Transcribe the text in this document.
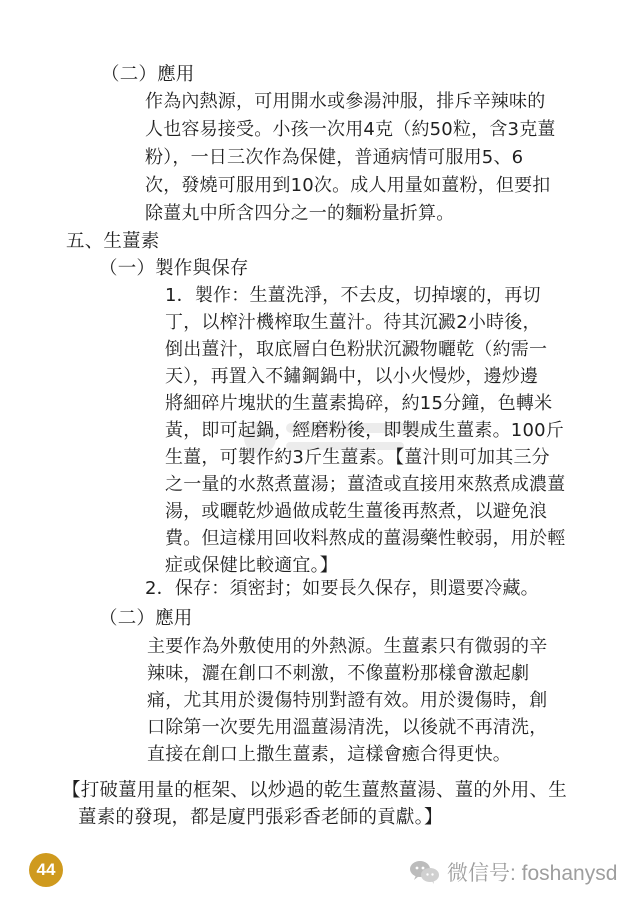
（二）應用
作為內熱源，可用開水或參湯沖服，排斥辛辣味的
人也容易接受。小孩一次用4克（約50粒，含3克薑
粉），一日三次作為保健，普通病情可服用5、6
次，發燒可服用到10次。成人用量如薑粉，但要扣
除薑丸中所含四分之一的麵粉量折算。
五、生薑素
（一）製作與保存
1．製作：生薑洗淨，不去皮，切掉壞的，再切
丁，以榨汁機榨取生薑汁。待其沉澱2小時後，
倒出薑汁，取底層白色粉狀沉澱物曬乾（約需一
天），再置入不鏽鋼鍋中，以小火慢炒，邊炒邊
將細碎片塊狀的生薑素搗碎，約15分鐘，色轉米
黃，即可起鍋，經磨粉後，即製成生薑素。100斤
生薑，可製作約3斤生薑素。【薑汁則可加其三分
之一量的水熬煮薑湯；薑渣或直接用來熬煮成濃薑
湯，或曬乾炒過做成乾生薑後再熬煮，以避免浪
費。但這樣用回收料熬成的薑湯藥性較弱，用於輕
症或保健比較適宜。】
2．保存：須密封；如要長久保存，則還要冷藏。
（二）應用
主要作為外敷使用的外熱源。生薑素只有微弱的辛
辣味，灑在創口不刺激，不像薑粉那樣會激起劇
痛，尤其用於燙傷特別對證有效。用於燙傷時，創
口除第一次要先用溫薑湯清洗，以後就不再清洗，
直接在創口上撒生薑素，這樣會癒合得更快。
【打破薑用量的框架、以炒過的乾生薑熬薑湯、薑的外用、生
薑素的發現，都是廈門張彩香老師的貢獻。】
44	微信号: foshanysd
